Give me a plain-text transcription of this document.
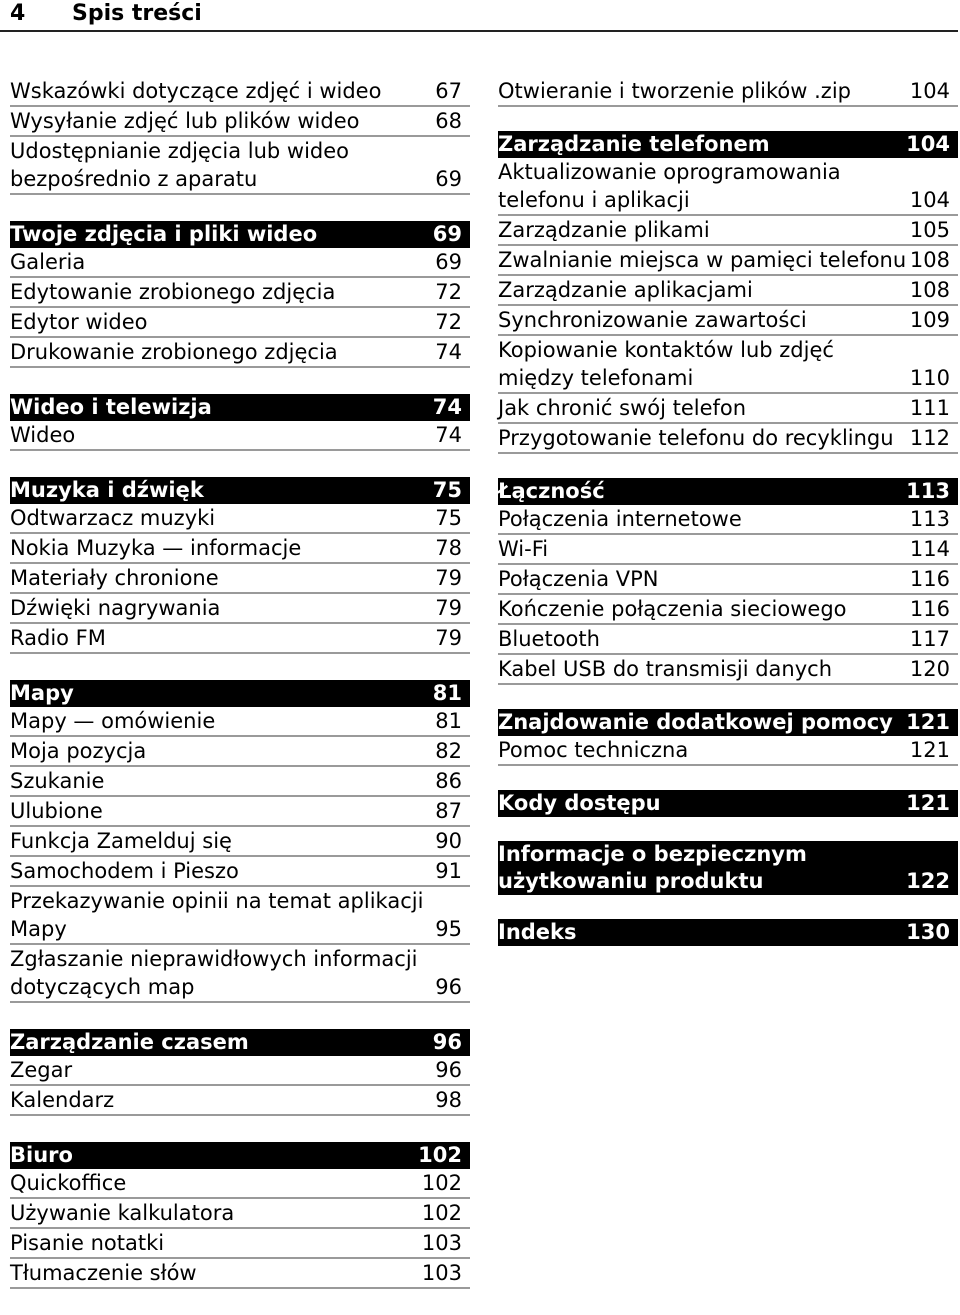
4 Spis treści
Wskazówki dotyczące zdjęć i wideo	67
Wysyłanie zdjęć lub plików wideo	68
Udostępnianie zdjęcia lub wideo bezpośrednio z aparatu	69
Twoje zdjęcia i pliki wideo	69
Galeria	69
Edytowanie zrobionego zdjęcia	72
Edytor wideo	72
Drukowanie zrobionego zdjęcia	74
Wideo i telewizja	74
Wideo	74
Muzyka i dźwięk	75
Odtwarzacz muzyki	75
Nokia Muzyka — informacje	78
Materiały chronione	79
Dźwięki nagrywania	79
Radio FM	79
Mapy	81
Mapy — omówienie	81
Moja pozycja	82
Szukanie	86
Ulubione	87
Funkcja Zamelduj się	90
Samochodem i Pieszo	91
Przekazywanie opinii na temat aplikacji Mapy	95
Zgłaszanie nieprawidłowych informacji dotyczących map	96
Zarządzanie czasem	96
Zegar	96
Kalendarz	98
Biuro	102
Quickoffice	102
Używanie kalkulatora	102
Pisanie notatki	103
Tłumaczenie słów	103
Otwieranie i tworzenie plików .zip	104
Zarządzanie telefonem	104
Aktualizowanie oprogramowania telefonu i aplikacji	104
Zarządzanie plikami	105
Zwalnianie miejsca w pamięci telefonu 108
Zarządzanie aplikacjami	108
Synchronizowanie zawartości	109
Kopiowanie kontaktów lub zdjęć między telefonami	110
Jak chronić swój telefon	111
Przygotowanie telefonu do recyklingu 112
Łączność	113
Połączenia internetowe	113
Wi-Fi	114
Połączenia VPN	116
Kończenie połączenia sieciowego	116
Bluetooth	117
Kabel USB do transmisji danych	120
Znajdowanie dodatkowej pomocy 121
Pomoc techniczna	121
Kody dostępu	121
Informacje o bezpiecznym użytkowaniu produktu	122
Indeks	130
